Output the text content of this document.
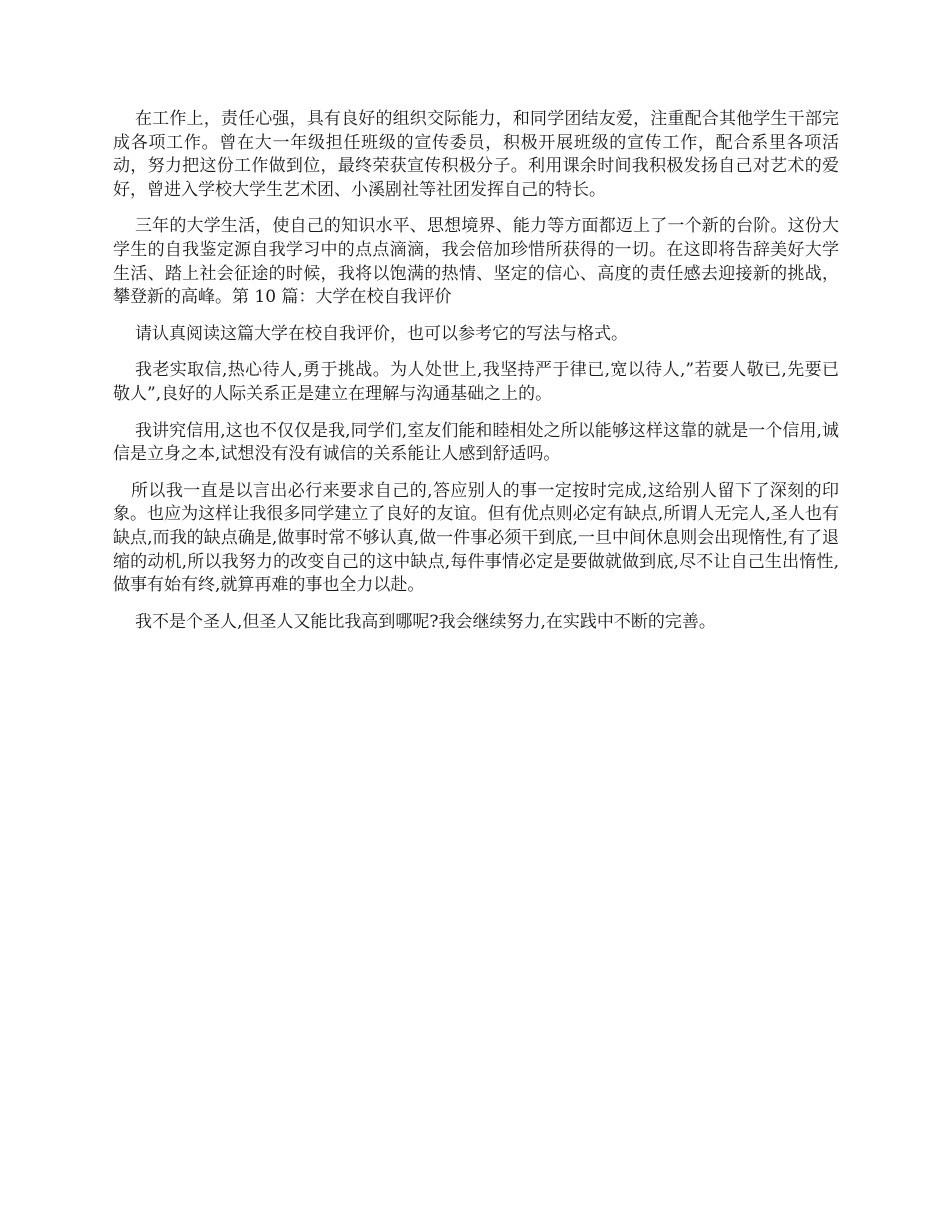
在工作上，责任心强，具有良好的组织交际能力，和同学团结友爱，注重配合其他学生干部完成各项工作。曾在大一年级担任班级的宣传委员，积极开展班级的宣传工作，配合系里各项活动，努力把这份工作做到位，最终荣获宣传积极分子。利用课余时间我积极发扬自己对艺术的爱好，曾进入学校大学生艺术团、小溪剧社等社团发挥自己的特长。

三年的大学生活，使自己的知识水平、思想境界、能力等方面都迈上了一个新的台阶。这份大学生的自我鉴定源自我学习中的点点滴滴，我会倍加珍惜所获得的一切。在这即将告辞美好大学生活、踏上社会征途的时候，我将以饱满的热情、坚定的信心、高度的责任感去迎接新的挑战，攀登新的高峰。第 10 篇：大学在校自我评价

请认真阅读这篇大学在校自我评价，也可以参考它的写法与格式。

我老实取信,热心待人,勇于挑战。为人处世上,我坚持严于律已,宽以待人,”若要人敬已,先要已敬人”,良好的人际关系正是建立在理解与沟通基础之上的。

我讲究信用,这也不仅仅是我,同学们,室友们能和睦相处之所以能够这样这靠的就是一个信用,诚信是立身之本,试想没有没有诚信的关系能让人感到舒适吗。

所以我一直是以言出必行来要求自己的,答应别人的事一定按时完成,这给别人留下了深刻的印象。也应为这样让我很多同学建立了良好的友谊。但有优点则必定有缺点,所谓人无完人,圣人也有缺点,而我的缺点确是,做事时常不够认真,做一件事必须干到底,一旦中间休息则会出现惰性,有了退缩的动机,所以我努力的改变自己的这中缺点,每件事情必定是要做就做到底,尽不让自己生出惰性,做事有始有终,就算再难的事也全力以赴。

我不是个圣人,但圣人又能比我高到哪呢?我会继续努力,在实践中不断的完善。
